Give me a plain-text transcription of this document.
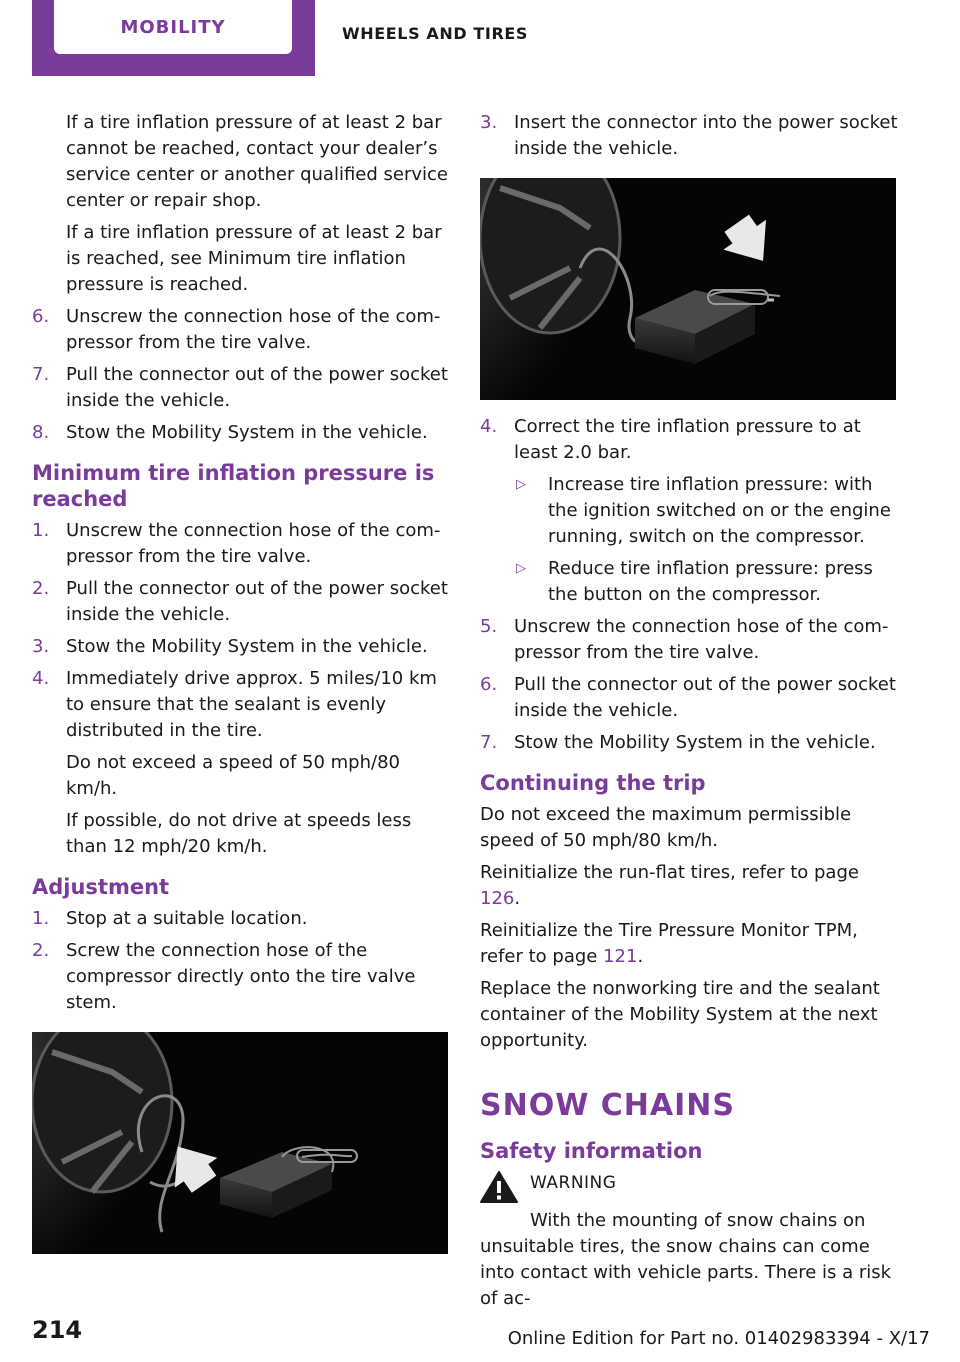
MOBILITY	WHEELS AND TIRES

If a tire inflation pressure of at least 2 bar cannot be reached, contact your dealer’s service center or another qualified service center or repair shop.

If a tire inflation pressure of at least 2 bar is reached, see Minimum tire inflation pressure is reached.

6. Unscrew the connection hose of the compressor from the tire valve.
7. Pull the connector out of the power socket inside the vehicle.
8. Stow the Mobility System in the vehicle.
Minimum tire inflation pressure is reached
1. Unscrew the connection hose of the compressor from the tire valve.
2. Pull the connector out of the power socket inside the vehicle.
3. Stow the Mobility System in the vehicle.
4. Immediately drive approx. 5 miles/10 km to ensure that the sealant is evenly distributed in the tire.

Do not exceed a speed of 50 mph/80 km/h.

If possible, do not drive at speeds less than 12 mph/20 km/h.

Adjustment
1. Stop at a suitable location.
2. Screw the connection hose of the compressor directly onto the tire valve stem.
3. Insert the connector into the power socket inside the vehicle.
4. Correct the tire inflation pressure to at least 2.0 bar.
▷	Increase tire inflation pressure: with the ignition switched on or the engine running, switch on the compressor.
▷	Reduce tire inflation pressure: press the button on the compressor.
5. Unscrew the connection hose of the compressor from the tire valve.
6. Pull the connector out of the power socket inside the vehicle.
7. Stow the Mobility System in the vehicle.
Continuing the trip

Do not exceed the maximum permissible speed of 50 mph/80 km/h.

Reinitialize the run-flat tires, refer to page 126.

Reinitialize the Tire Pressure Monitor TPM, refer to page 121.

Replace the nonworking tire and the sealant container of the Mobility System at the next opportunity.

SNOW CHAINS
Safety information
WARNING

With the mounting of snow chains on unsuitable tires, the snow chains can come into contact with vehicle parts. There is a risk of ac-

214	Online Edition for Part no. 01402983394 - X/17
